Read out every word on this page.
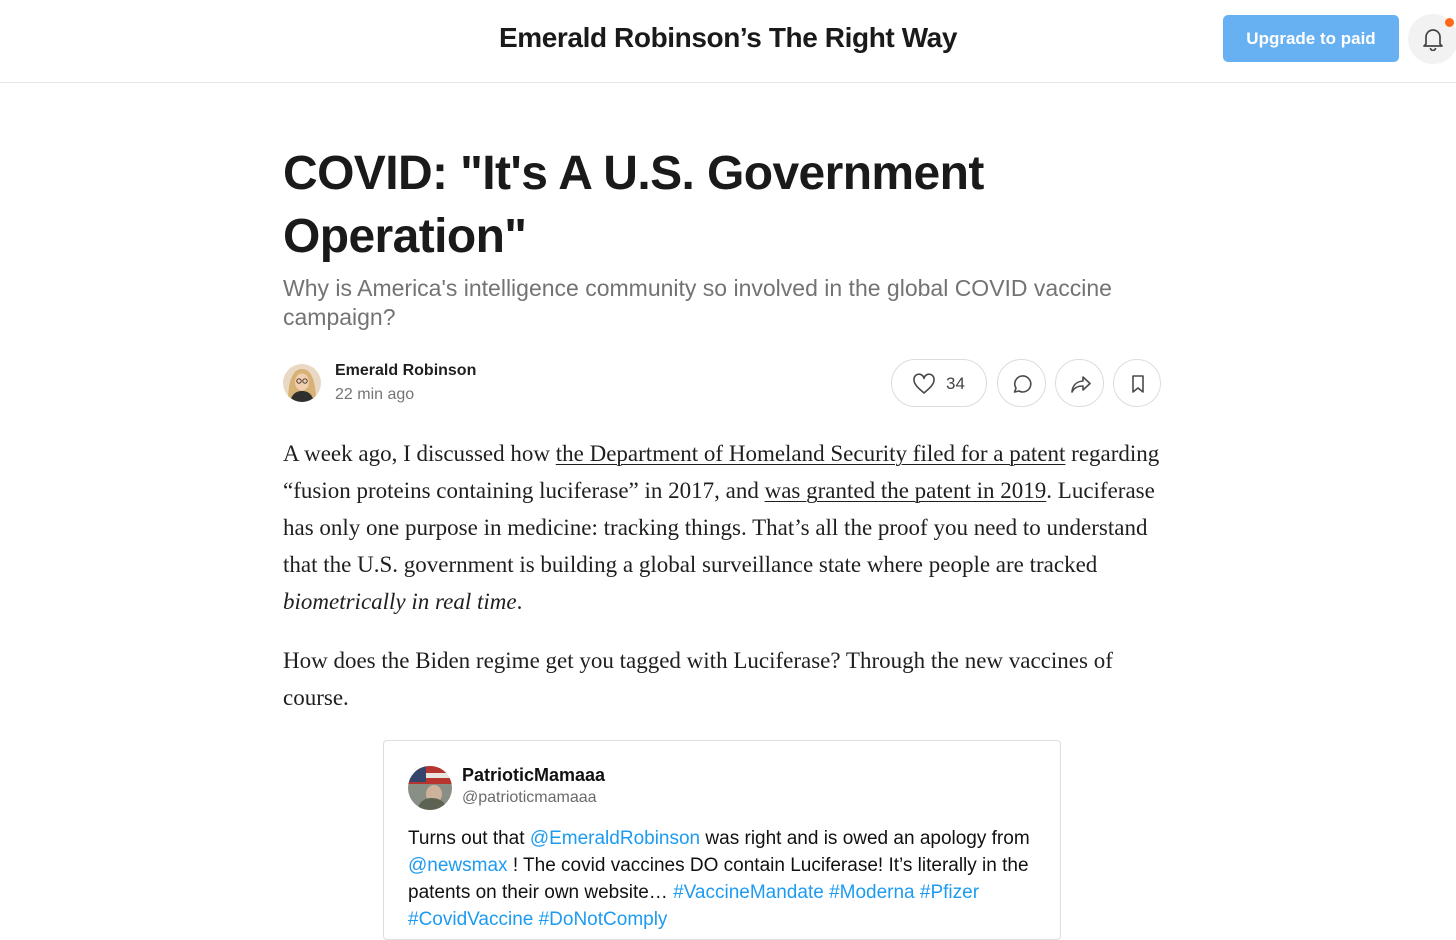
Emerald Robinson’s The Right Way	Upgrade to paid
COVID: "It's A U.S. Government Operation"
Why is America's intelligence community so involved in the global COVID vaccine campaign?
Emerald Robinson
22 min ago
34

A week ago, I discussed how the Department of Homeland Security filed for a patent regarding “fusion proteins containing luciferase” in 2017, and was granted the patent in 2019. Luciferase has only one purpose in medicine: tracking things. That’s all the proof you need to understand that the U.S. government is building a global surveillance state where people are tracked biometrically in real time.

How does the Biden regime get you tagged with Luciferase? Through the new vaccines of course.

PatrioticMamaaa
@patrioticmamaaa

Turns out that @EmeraldRobinson was right and is owed an apology from @newsmax ! The covid vaccines DO contain Luciferase! It’s literally in the patents on their own website… #VaccineMandate #Moderna #Pfizer #CovidVaccine #DoNotComply
